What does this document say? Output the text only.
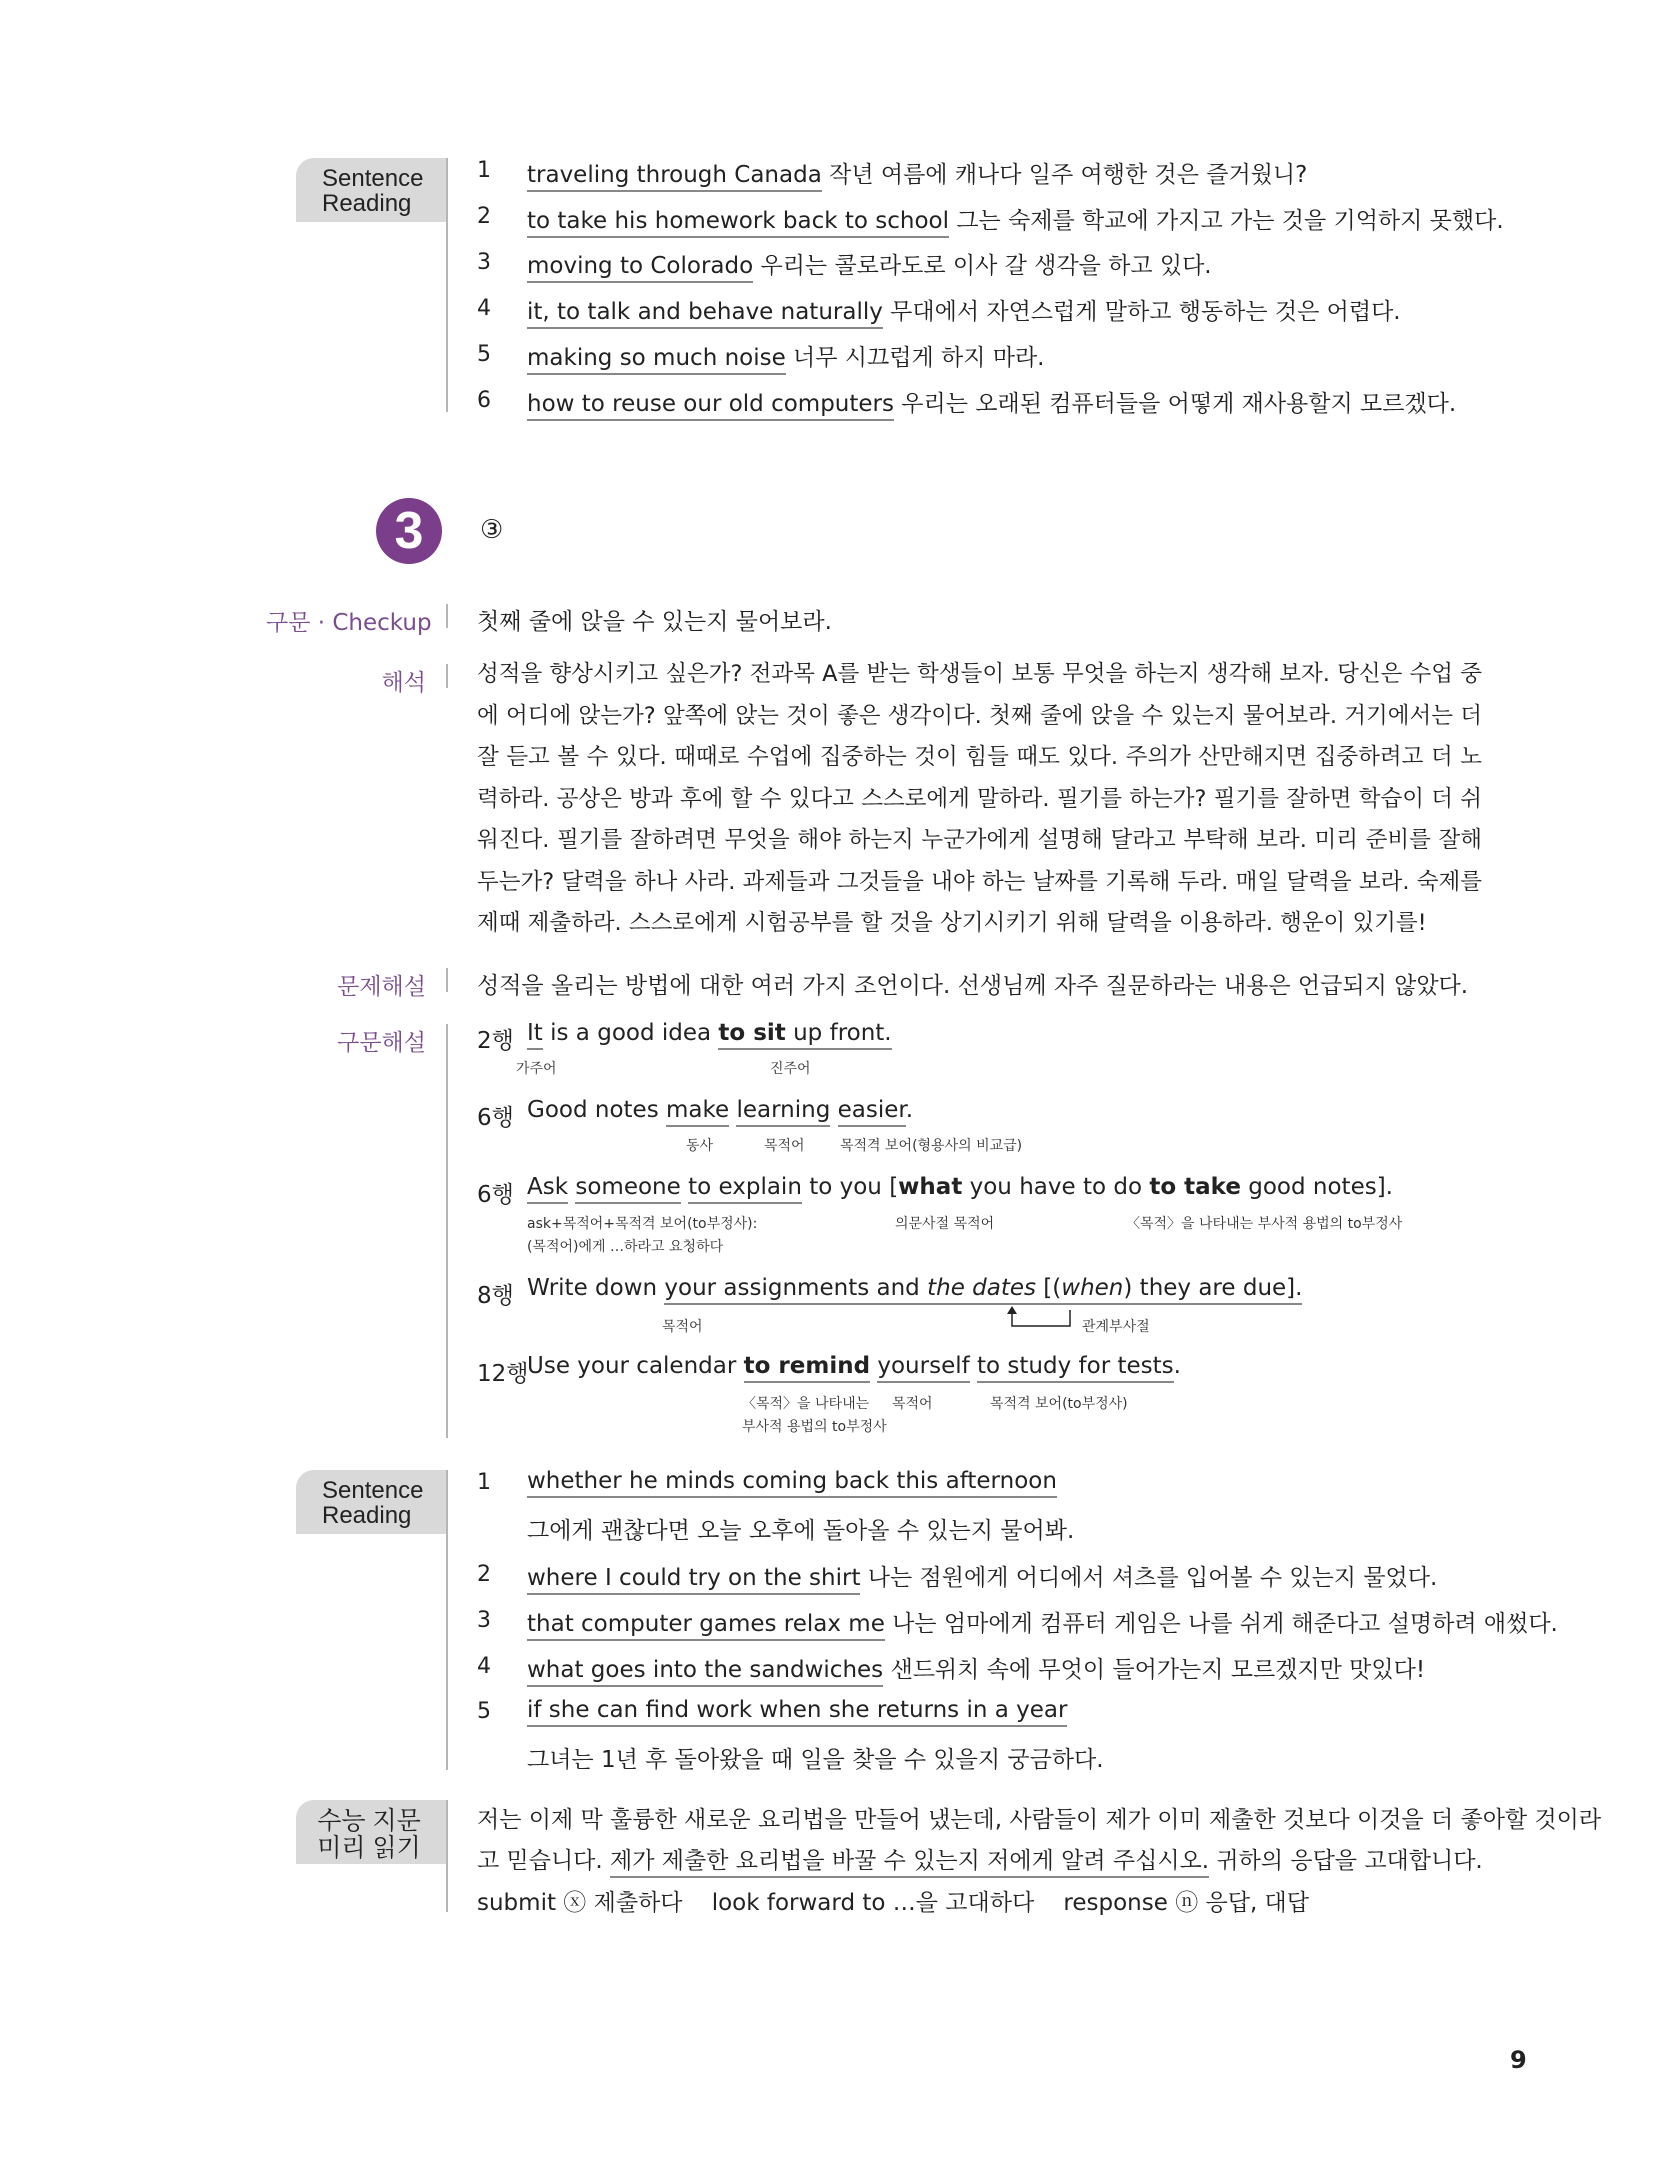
Sentence
Reading
1 traveling through Canada 작년 여름에 캐나다 일주 여행한 것은 즐거웠니?
2 to take his homework back to school 그는 숙제를 학교에 가지고 가는 것을 기억하지 못했다.
3 moving to Colorado 우리는 콜로라도로 이사 갈 생각을 하고 있다.
4 it, to talk and behave naturally 무대에서 자연스럽게 말하고 행동하는 것은 어렵다.
5 making so much noise 너무 시끄럽게 하지 마라.
6 how to reuse our old computers 우리는 오래된 컴퓨터들을 어떻게 재사용할지 모르겠다.
3	③
구문 · Checkup 첫째 줄에 앉을 수 있는지 물어보라.
해석 성적을 향상시키고 싶은가? 전과목 A를 받는 학생들이 보통 무엇을 하는지 생각해 보자. 당신은 수업 중에 어디에 앉는가? 앞쪽에 앉는 것이 좋은 생각이다. 첫째 줄에 앉을 수 있는지 물어보라. 거기에서는 더 잘 듣고 볼 수 있다. 때때로 수업에 집중하는 것이 힘들 때도 있다. 주의가 산만해지면 집중하려고 더 노력하라. 공상은 방과 후에 할 수 있다고 스스로에게 말하라. 필기를 하는가? 필기를 잘하면 학습이 더 쉬워진다. 필기를 잘하려면 무엇을 해야 하는지 누군가에게 설명해 달라고 부탁해 보라. 미리 준비를 잘해 두는가? 달력을 하나 사라. 과제들과 그것들을 내야 하는 날짜를 기록해 두라. 매일 달력을 보라. 숙제를 제때 제출하라. 스스로에게 시험공부를 할 것을 상기시키기 위해 달력을 이용하라. 행운이 있기를!
문제해설 성적을 올리는 방법에 대한 여러 가지 조언이다. 선생님께 자주 질문하라는 내용은 언급되지 않았다.
구문해설 2행 It is a good idea to sit up front.
가주어	진주어
6행 Good notes make learning easier.
동사	목적어	목적격 보어(형용사의 비교급)
6행 Ask someone to explain to you [what you have to do to take good notes].
ask+목적어+목적격 보어(to부정사):
(목적어)에게 …하라고 요청하다
의문사절 목적어	〈목적〉을 나타내는 부사적 용법의 to부정사
8행 Write down your assignments and the dates [(when) they are due].
목적어	관계부사절
12행
Use your calendar to remind yourself to study for tests.
〈목적〉을 나타내는
부사적 용법의 to부정사
목적어	목적격 보어(to부정사)
Sentence
Reading
1 whether he minds coming back this afternoon
그에게 괜찮다면 오늘 오후에 돌아올 수 있는지 물어봐.
2 where I could try on the shirt 나는 점원에게 어디에서 셔츠를 입어볼 수 있는지 물었다.
3 that computer games relax me 나는 엄마에게 컴퓨터 게임은 나를 쉬게 해준다고 설명하려 애썼다.
4 what goes into the sandwiches 샌드위치 속에 무엇이 들어가는지 모르겠지만 맛있다!
5 if she can find work when she returns in a year
그녀는 1년 후 돌아왔을 때 일을 찾을 수 있을지 궁금하다.
수능 지문
미리 읽기
저는 이제 막 훌륭한 새로운 요리법을 만들어 냈는데, 사람들이 제가 이미 제출한 것보다 이것을 더 좋아할 것이라
고 믿습니다. 제가 제출한 요리법을 바꿀 수 있는지 저에게 알려 주십시오. 귀하의 응답을 고대합니다.
submit ⓧ 제출하다    look forward to …을 고대하다    response ⓝ 응답, 대답
9
